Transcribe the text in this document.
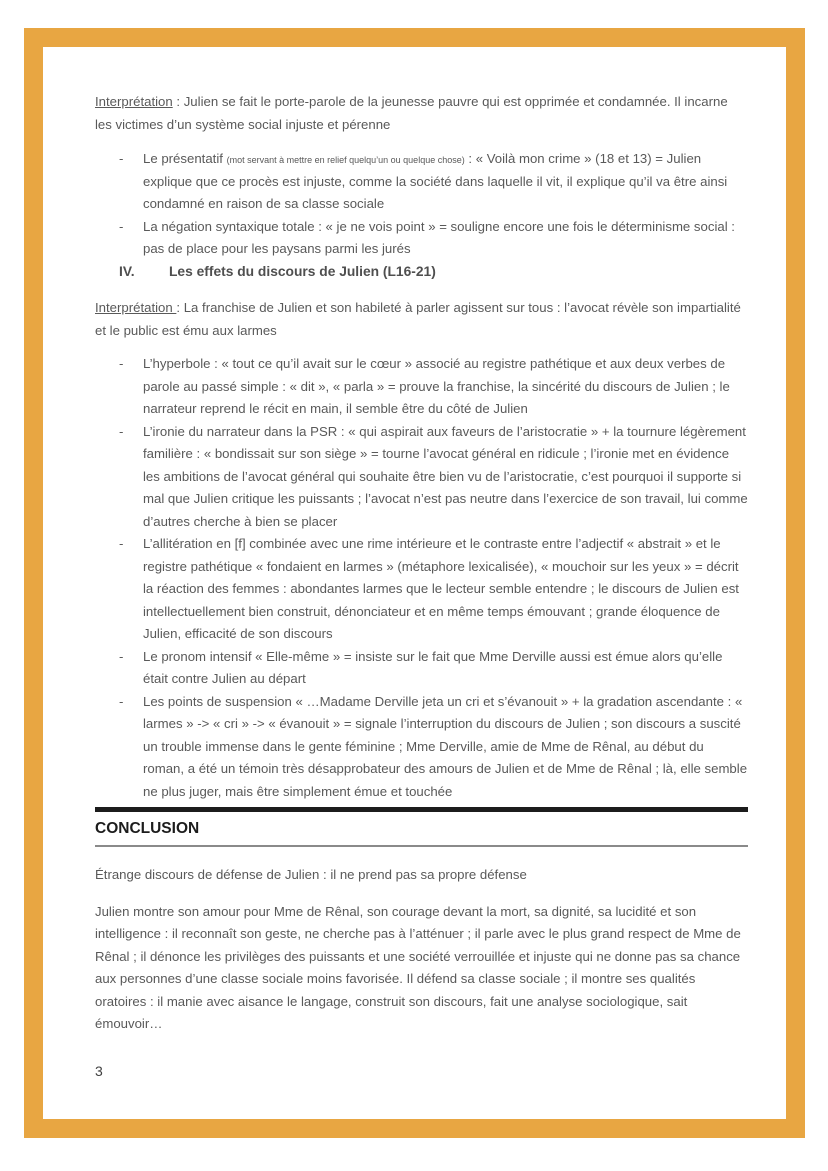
Interprétation : Julien se fait le porte-parole de la jeunesse pauvre qui est opprimée et condamnée. Il incarne les victimes d’un système social injuste et pérenne

-	Le présentatif (mot servant à mettre en relief quelqu’un ou quelque chose) : « Voilà mon crime » (18 et 13) = Julien explique que ce procès est injuste, comme la société dans laquelle il vit, il explique qu’il va être ainsi condamné en raison de sa classe sociale
-	La négation syntaxique totale : « je ne vois point » = souligne encore une fois le déterminisme social : pas de place pour les paysans parmi les jurés
IV.	Les effets du discours de Julien (L16-21)

Interprétation : La franchise de Julien et son habileté à parler agissent sur tous : l’avocat révèle son impartialité et le public est ému aux larmes

-	L’hyperbole : « tout ce qu’il avait sur le cœur » associé au registre pathétique et aux deux verbes de parole au passé simple : « dit », « parla » = prouve la franchise, la sincérité du discours de Julien ; le narrateur reprend le récit en main, il semble être du côté de Julien
-	L’ironie du narrateur dans la PSR : « qui aspirait aux faveurs de l’aristocratie » + la tournure légèrement familière : « bondissait sur son siège » = tourne l’avocat général en ridicule ; l’ironie met en évidence les ambitions de l’avocat général qui souhaite être bien vu de l’aristocratie, c’est pourquoi il supporte si mal que Julien critique les puissants ; l’avocat n’est pas neutre dans l’exercice de son travail, lui comme d’autres cherche à bien se placer
-	L’allitération en [f] combinée avec une rime intérieure et le contraste entre l’adjectif « abstrait » et le registre pathétique « fondaient en larmes » (métaphore lexicalisée), « mouchoir sur les yeux » = décrit la réaction des femmes : abondantes larmes que le lecteur semble entendre ; le discours de Julien est intellectuellement bien construit, dénonciateur et en même temps émouvant ; grande éloquence de Julien, efficacité de son discours
-	Le pronom intensif « Elle-même » = insiste sur le fait que Mme Derville aussi est émue alors qu’elle était contre Julien au départ
-	Les points de suspension « …Madame Derville jeta un cri et s’évanouit » + la gradation ascendante : « larmes » -> « cri » -> « évanouit » = signale l’interruption du discours de Julien ; son discours a suscité un trouble immense dans le gente féminine ; Mme Derville, amie de Mme de Rênal, au début du roman, a été un témoin très désapprobateur des amours de Julien et de Mme de Rênal ; là, elle semble ne plus juger, mais être simplement émue et touchée
CONCLUSION

Étrange discours de défense de Julien : il ne prend pas sa propre défense

Julien montre son amour pour Mme de Rênal, son courage devant la mort, sa dignité, sa lucidité et son intelligence : il reconnaît son geste, ne cherche pas à l’atténuer ; il parle avec le plus grand respect de Mme de Rênal ; il dénonce les privilèges des puissants et une société verrouillée et injuste qui ne donne pas sa chance aux personnes d’une classe sociale moins favorisée. Il défend sa classe sociale ; il montre ses qualités oratoires : il manie avec aisance le langage, construit son discours, fait une analyse sociologique, sait émouvoir…

3
